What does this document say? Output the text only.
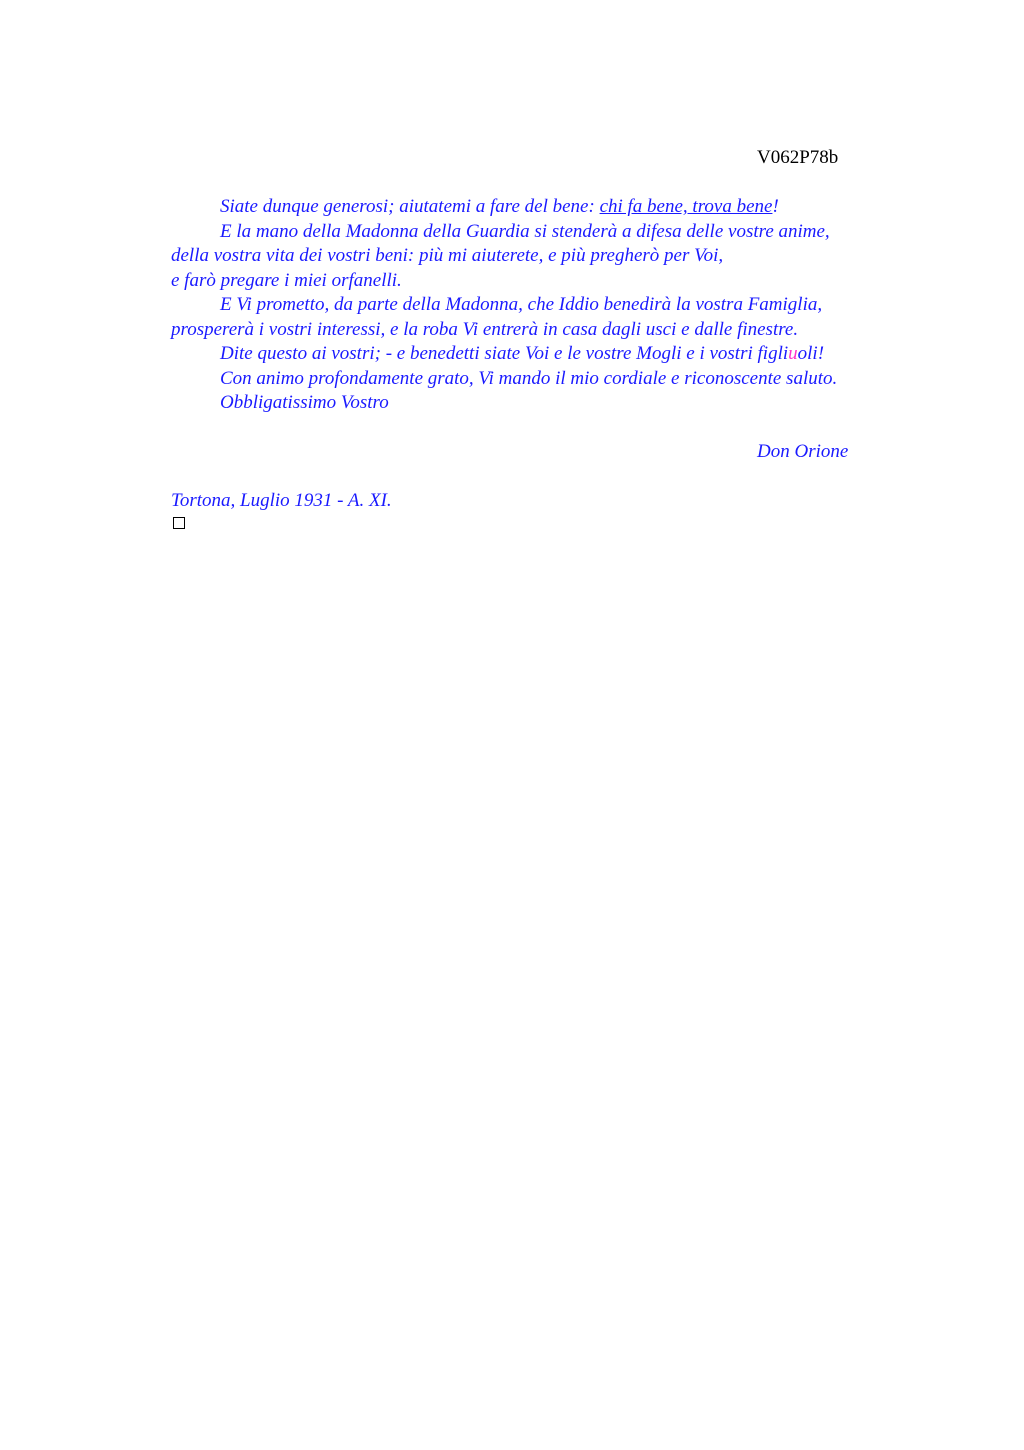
V062P78b
Siate dunque generosi; aiutatemi a fare del bene: chi fa bene, trova bene!
E la mano della Madonna della Guardia si stenderà a difesa delle vostre anime,
della vostra vita dei vostri beni: più mi aiuterete, e più pregherò per Voi,
e farò pregare i miei orfanelli.
E Vi prometto, da parte della Madonna, che Iddio benedirà la vostra Famiglia,
prospererà i vostri interessi, e la roba Vi entrerà in casa dagli usci e dalle finestre.
Dite questo ai vostri; - e benedetti siate Voi e le vostre Mogli e i vostri figliuoli!
Con animo profondamente grato, Vi mando il mio cordiale e riconoscente saluto.
Obbligatissimo Vostro
Don Orione
Tortona, Luglio 1931 - A. XI.
